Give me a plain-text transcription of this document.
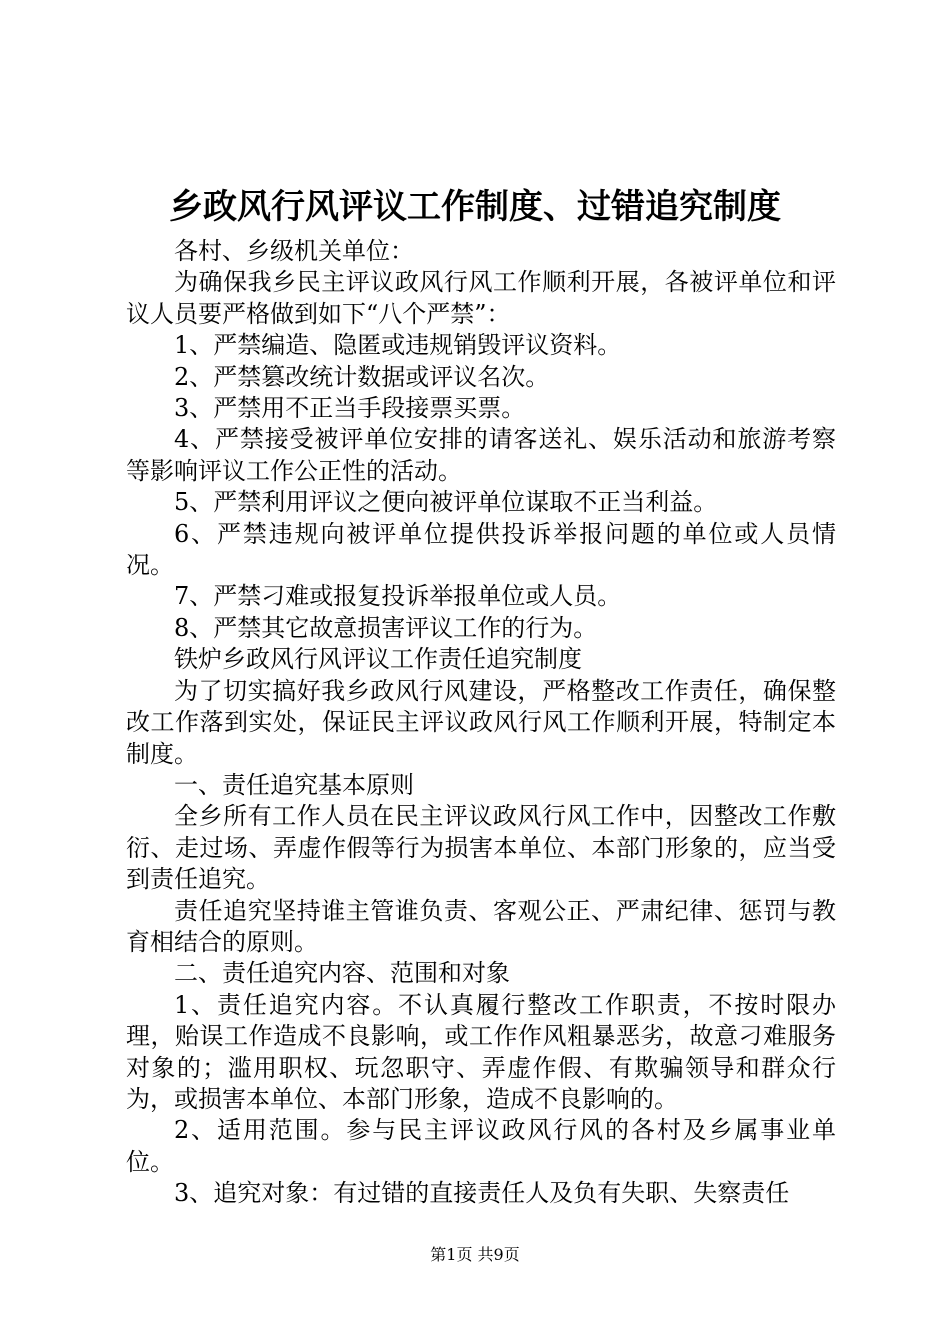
乡政风行风评议工作制度、过错追究制度

各村、乡级机关单位：

为确保我乡民主评议政风行风工作顺利开展，各被评单位和评议人员要严格做到如下“八个严禁”：

1、严禁编造、隐匿或违规销毁评议资料。

2、严禁篡改统计数据或评议名次。

3、严禁用不正当手段接票买票。

4、严禁接受被评单位安排的请客送礼、娱乐活动和旅游考察等影响评议工作公正性的活动。

5、严禁利用评议之便向被评单位谋取不正当利益。

6、严禁违规向被评单位提供投诉举报问题的单位或人员情况。

7、严禁刁难或报复投诉举报单位或人员。

8、严禁其它故意损害评议工作的行为。

铁炉乡政风行风评议工作责任追究制度

为了切实搞好我乡政风行风建设，严格整改工作责任，确保整改工作落到实处，保证民主评议政风行风工作顺利开展，特制定本制度。

一、责任追究基本原则

全乡所有工作人员在民主评议政风行风工作中，因整改工作敷衍、走过场、弄虚作假等行为损害本单位、本部门形象的，应当受到责任追究。

责任追究坚持谁主管谁负责、客观公正、严肃纪律、惩罚与教育相结合的原则。

二、责任追究内容、范围和对象

1、责任追究内容。不认真履行整改工作职责，不按时限办理，贻误工作造成不良影响，或工作作风粗暴恶劣，故意刁难服务对象的；滥用职权、玩忽职守、弄虚作假、有欺骗领导和群众行为，或损害本单位、本部门形象，造成不良影响的。

2、适用范围。参与民主评议政风行风的各村及乡属事业单位。

3、追究对象：有过错的直接责任人及负有失职、失察责任

第1页 共9页
